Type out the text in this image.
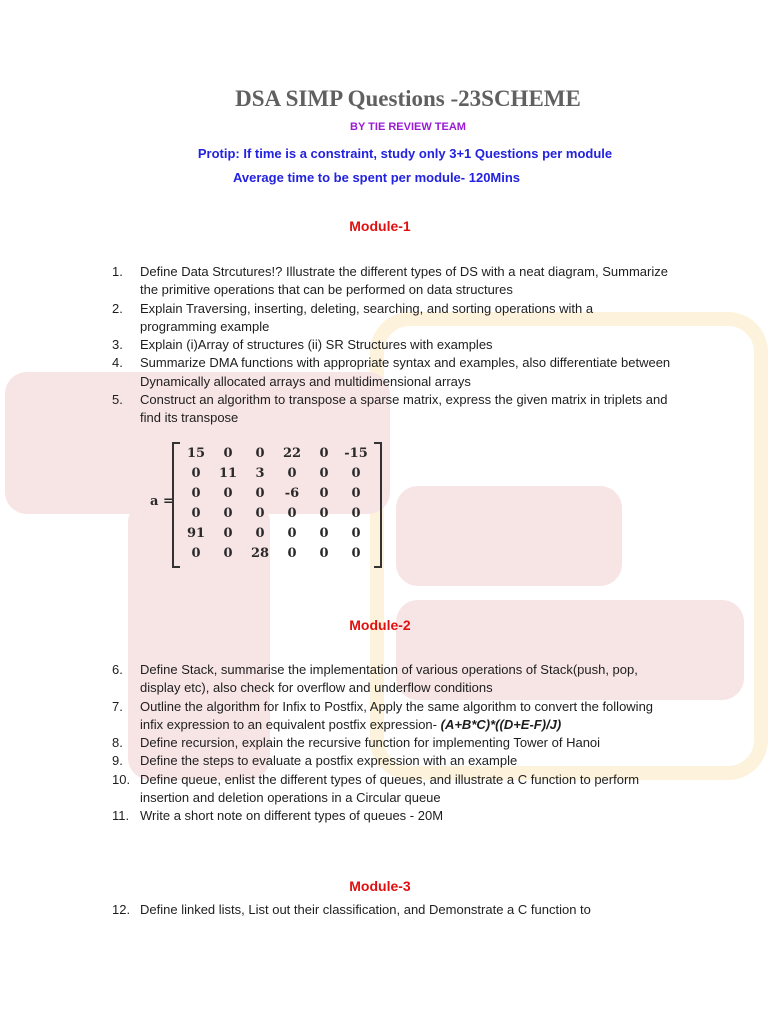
DSA SIMP Questions -23SCHEME
BY TIE REVIEW TEAM
Protip: If time is a constraint, study only 3+1 Questions per module
Average time to be spent per module- 120Mins
Module-1
1.	Define Data Strcutures!? Illustrate the different types of DS with a neat diagram, Summarize the primitive operations that can be performed on data structures
2.	Explain Traversing, inserting, deleting, searching, and sorting operations with a programming example
3.	Explain (i)Array of structures (ii) SR Structures with examples
4.	Summarize DMA functions with appropriate syntax and examples, also differentiate between Dynamically allocated arrays and multidimensional arrays
5.	Construct an algorithm to transpose a sparse matrix, express the given matrix in triplets and find its transpose
a =
15	0	0	22	0	-15
0	11	3	0	0	0
0	0	0	-6	0	0
0	0	0	0	0	0
91	0	0	0	0	0
0	0	28	0	0	0
Module-2
6.	Define Stack, summarise the implementation of various operations of Stack(push, pop, display etc), also check for overflow and underflow conditions
7.	Outline the algorithm for Infix to Postfix, Apply the same algorithm to convert the following infix expression to an equivalent postfix expression- (A+B*C)*((D+E-F)/J)
8.	Define recursion, explain the recursive function for implementing Tower of Hanoi
9.	Define the steps to evaluate a postfix expression with an example
10. Define queue, enlist the different types of queues, and illustrate a C function to perform insertion and deletion operations in a Circular queue
11. Write a short note on different types of queues - 20M
Module-3
12. Define linked lists, List out their classification, and Demonstrate a C function to
